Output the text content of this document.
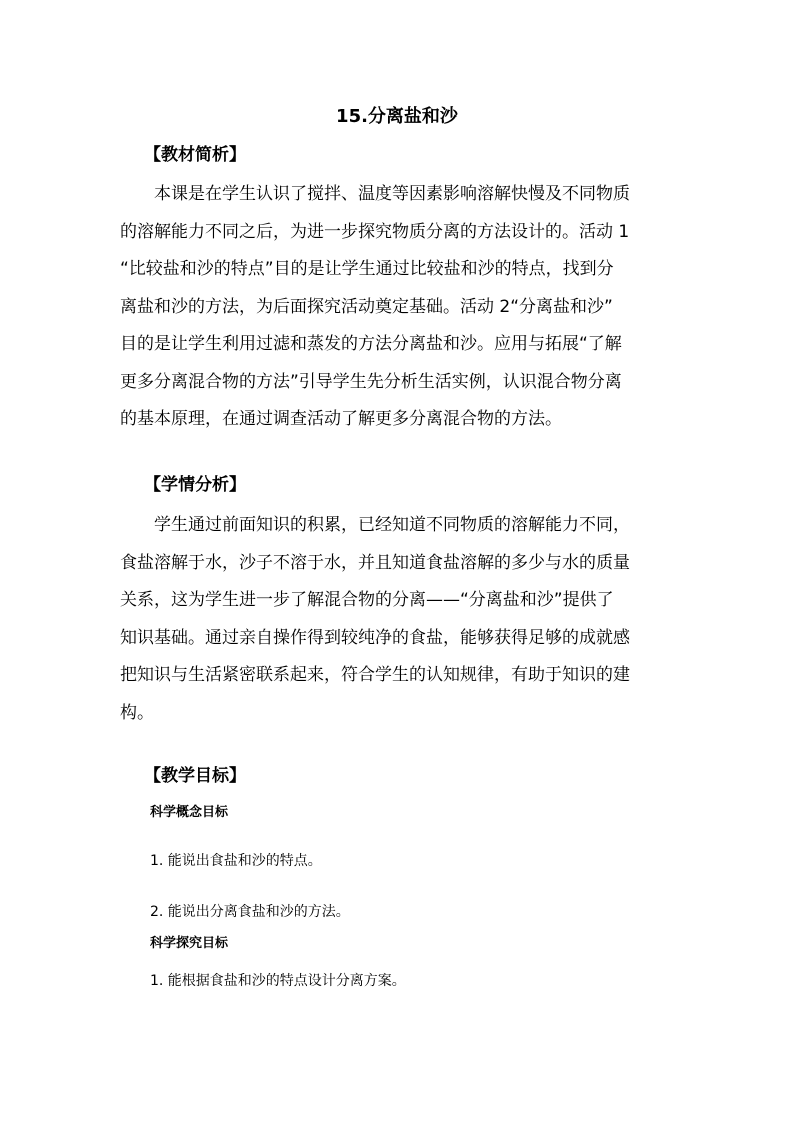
15.分离盐和沙
【教材简析】
本课是在学生认识了搅拌、温度等因素影响溶解快慢及不同物质
的溶解能力不同之后，为进一步探究物质分离的方法设计的。活动 1
“比较盐和沙的特点”目的是让学生通过比较盐和沙的特点，找到分
离盐和沙的方法，为后面探究活动奠定基础。活动 2“分离盐和沙”
目的是让学生利用过滤和蒸发的方法分离盐和沙。应用与拓展“了解
更多分离混合物的方法”引导学生先分析生活实例，认识混合物分离
的基本原理，在通过调查活动了解更多分离混合物的方法。
【学情分析】
学生通过前面知识的积累，已经知道不同物质的溶解能力不同，
食盐溶解于水，沙子不溶于水，并且知道食盐溶解的多少与水的质量
关系，这为学生进一步了解混合物的分离——“分离盐和沙”提供了
知识基础。通过亲自操作得到较纯净的食盐，能够获得足够的成就感
把知识与生活紧密联系起来，符合学生的认知规律，有助于知识的建
构。
【教学目标】
科学概念目标
1. 能说出食盐和沙的特点。
2. 能说出分离食盐和沙的方法。
科学探究目标
1. 能根据食盐和沙的特点设计分离方案。
